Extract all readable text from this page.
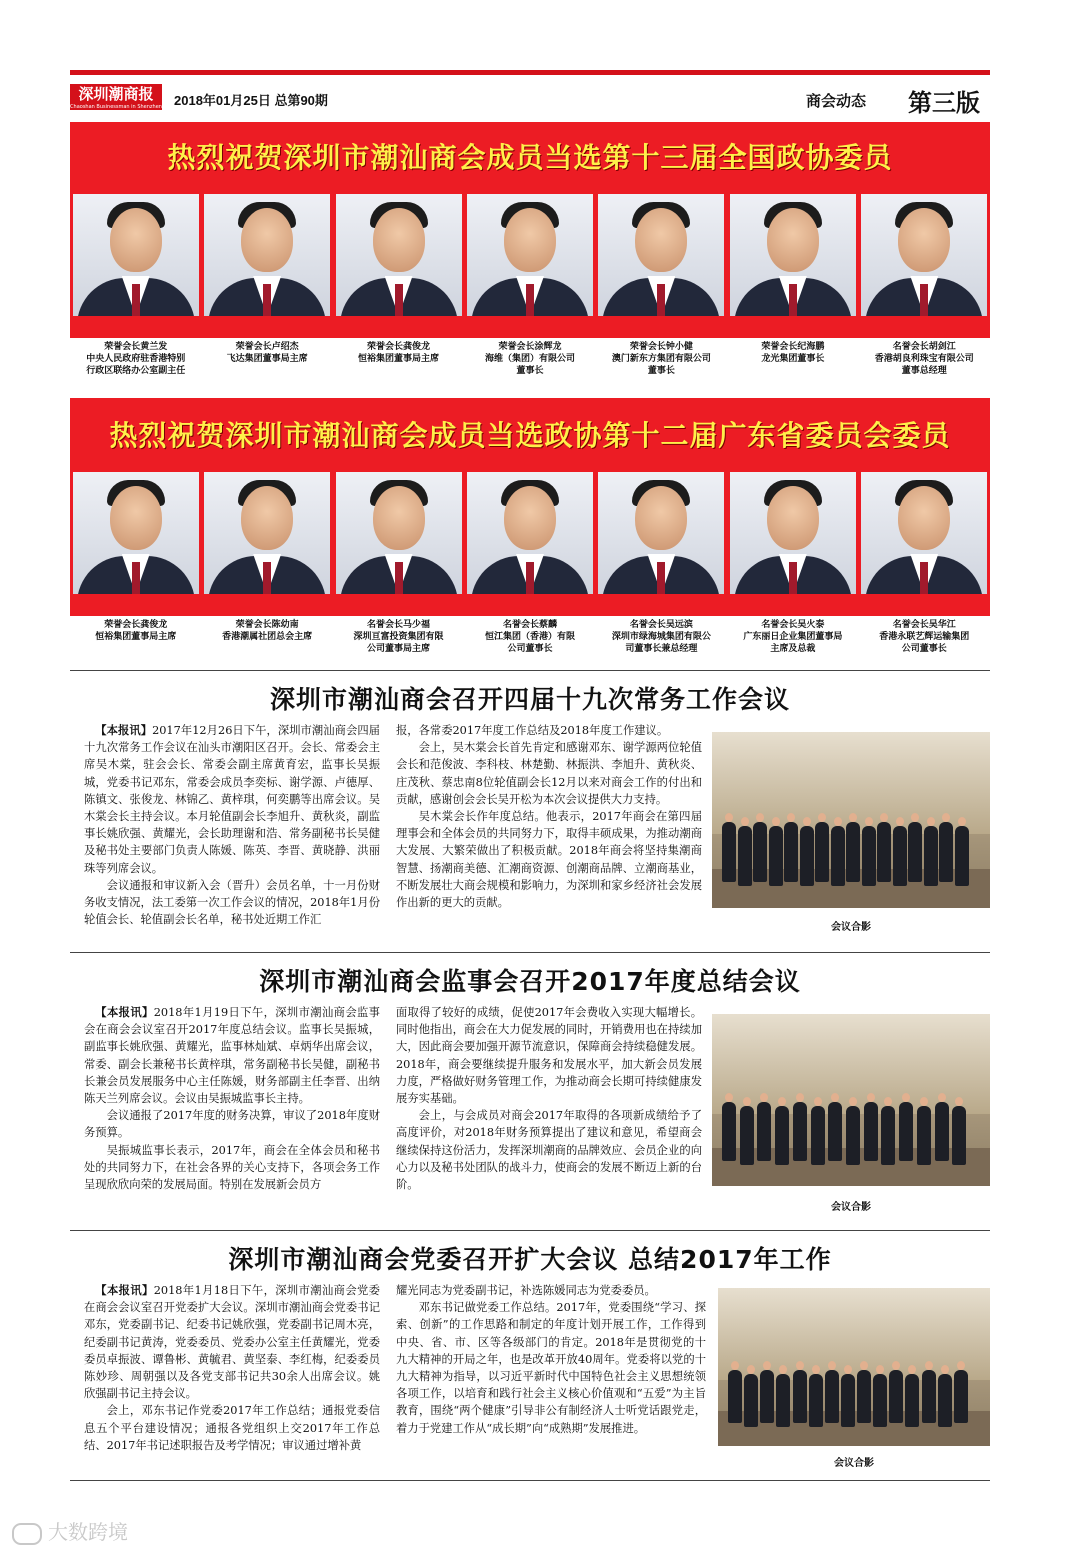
深圳潮商报
Chaoshan Businessman in Shenzhen 2018年01月25日 总第90期	商会动态 第三版
热烈祝贺深圳市潮汕商会成员当选第十三届全国政协委员
荣誉会长黄兰发
中央人民政府驻香港特别
行政区联络办公室副主任
荣誉会长卢绍杰
飞达集团董事局主席
荣誉会长龚俊龙
恒裕集团董事局主席
荣誉会长涂辉龙
海维（集团）有限公司
董事长
荣誉会长钟小健
澳门新东方集团有限公司
董事长
荣誉会长纪海鹏
龙光集团董事长
名誉会长胡剑江
香港胡良利珠宝有限公司
董事总经理
热烈祝贺深圳市潮汕商会成员当选政协第十二届广东省委员会委员
荣誉会长龚俊龙
恒裕集团董事局主席
荣誉会长陈幼南
香港潮属社团总会主席
名誉会长马少福
深圳亘富投资集团有限
公司董事局主席
名誉会长蔡麟
恒江集团（香港）有限
公司董事长
名誉会长吴远滨
深圳市绿海城集团有限公
司董事长兼总经理
名誉会长吴火泰
广东丽日企业集团董事局
主席及总裁
名誉会长吴华江
香港永联艺辉运输集团
公司董事长
深圳市潮汕商会召开四届十九次常务工作会议

【本报讯】2017年12月26日下午，深圳市潮汕商会四届十九次常务工作会议在汕头市潮阳区召开。会长、常委会主席吴木棠，驻会会长、常委会副主席黄育宏，监事长吴振城，党委书记邓东，常委会成员李奕标、谢学源、卢德厚、陈镇文、张俊龙、林锦乙、黄梓琪，何奕鹏等出席会议。吴木棠会长主持会议。本月轮值副会长李旭升、黄秋炎，副监事长姚欣强、黄耀光，会长助理谢和浩、常务副秘书长吴健及秘书处主要部门负责人陈媛、陈英、李晋、黄晓静、洪丽珠等列席会议。

会议通报和审议新入会（晋升）会员名单，十一月份财务收支情况，法工委第一次工作会议的情况，2018年1月份轮值会长、轮值副会长名单，秘书处近期工作汇

报，各常委2017年度工作总结及2018年度工作建议。

会上，吴木棠会长首先肯定和感谢邓东、谢学源两位轮值会长和范俊波、李科枝、林楚勤、林振洪、李旭升、黄秋炎、庄茂秋、蔡忠南8位轮值副会长12月以来对商会工作的付出和贡献，感谢创会会长吴开松为本次会议提供大力支持。

吴木棠会长作年度总结。他表示，2017年商会在第四届理事会和全体会员的共同努力下，取得丰硕成果，为推动潮商大发展、大繁荣做出了积极贡献。2018年商会将坚持集潮商智慧、扬潮商美德、汇潮商资源、创潮商品牌、立潮商基业，不断发展壮大商会规模和影响力，为深圳和家乡经济社会发展作出新的更大的贡献。

会议合影
深圳市潮汕商会监事会召开2017年度总结会议

【本报讯】2018年1月19日下午，深圳市潮汕商会监事会在商会会议室召开2017年度总结会议。监事长吴振城，副监事长姚欣强、黄耀光，监事林灿斌、卓炳华出席会议，常委、副会长兼秘书长黄梓琪，常务副秘书长吴健，副秘书长兼会员发展服务中心主任陈媛，财务部副主任李晋、出纳陈天兰列席会议。会议由吴振城监事长主持。

会议通报了2017年度的财务决算，审议了2018年度财务预算。

吴振城监事长表示，2017年，商会在全体会员和秘书处的共同努力下，在社会各界的关心支持下，各项会务工作呈现欣欣向荣的发展局面。特别在发展新会员方

面取得了较好的成绩，促使2017年会费收入实现大幅增长。同时他指出，商会在大力促发展的同时，开销费用也在持续加大，因此商会要加强开源节流意识，保障商会持续稳健发展。2018年，商会要继续提升服务和发展水平，加大新会员发展力度，严格做好财务管理工作，为推动商会长期可持续健康发展夯实基础。

会上，与会成员对商会2017年取得的各项新成绩给予了高度评价，对2018年财务预算提出了建议和意见，希望商会继续保持这份活力，发挥深圳潮商的品牌效应、会员企业的向心力以及秘书处团队的战斗力，使商会的发展不断迈上新的台阶。

会议合影
深圳市潮汕商会党委召开扩大会议 总结2017年工作

【本报讯】2018年1月18日下午，深圳市潮汕商会党委在商会会议室召开党委扩大会议。深圳市潮汕商会党委书记邓东，党委副书记、纪委书记姚欣强，党委副书记周木亮，纪委副书记黄涛，党委委员、党委办公室主任黄耀光，党委委员卓振波、谭鲁彬、黄毓君、黄坚泰、李红梅，纪委委员陈妙珍、周朝强以及各党支部书记共30余人出席会议。姚欣强副书记主持会议。

会上，邓东书记作党委2017年工作总结；通报党委信息五个平台建设情况；通报各党组织上交2017年工作总结、2017年书记述职报告及考学情况；审议通过增补黄

耀光同志为党委副书记，补选陈媛同志为党委委员。

邓东书记做党委工作总结。2017年，党委围绕“学习、探索、创新”的工作思路和制定的年度计划开展工作，工作得到中央、省、市、区等各级部门的肯定。2018年是贯彻党的十九大精神的开局之年，也是改革开放40周年。党委将以党的十九大精神为指导，以习近平新时代中国特色社会主义思想统领各项工作，以培育和践行社会主义核心价值观和“五爱”为主旨教育，围绕“两个健康”引导非公有制经济人士听党话跟党走，着力于党建工作从“成长期”向“成熟期”发展推进。

会议合影
大数跨境
